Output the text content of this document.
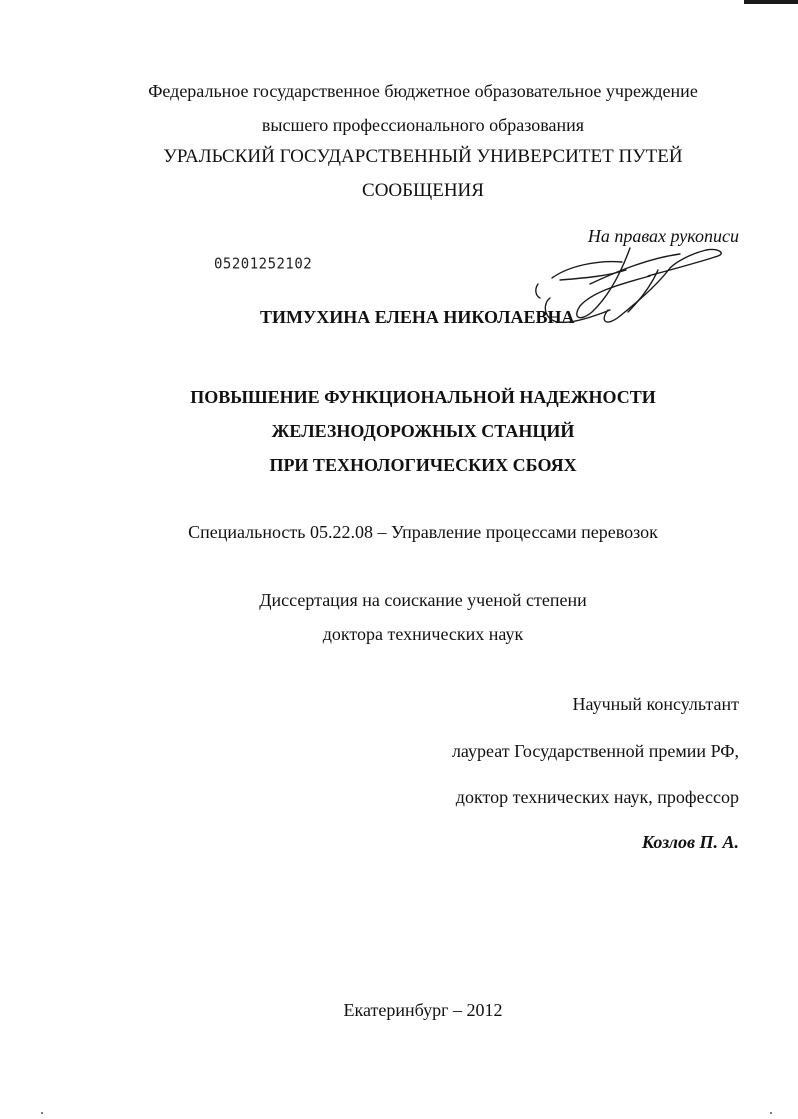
Федеральное государственное бюджетное образовательное учреждение
высшего профессионального образования
УРАЛЬСКИЙ ГОСУДАРСТВЕННЫЙ УНИВЕРСИТЕТ ПУТЕЙ
СООБЩЕНИЯ
На правах рукописи
05201252102
ТИМУХИНА ЕЛЕНА НИКОЛАЕВНА
ПОВЫШЕНИЕ ФУНКЦИОНАЛЬНОЙ НАДЕЖНОСТИ
ЖЕЛЕЗНОДОРОЖНЫХ СТАНЦИЙ
ПРИ ТЕХНОЛОГИЧЕСКИХ СБОЯХ
Специальность 05.22.08 – Управление процессами перевозок
Диссертация на соискание ученой степени
доктора технических наук
Научный консультант
лауреат Государственной премии РФ,
доктор технических наук, профессор
Козлов П. А.
Екатеринбург – 2012
